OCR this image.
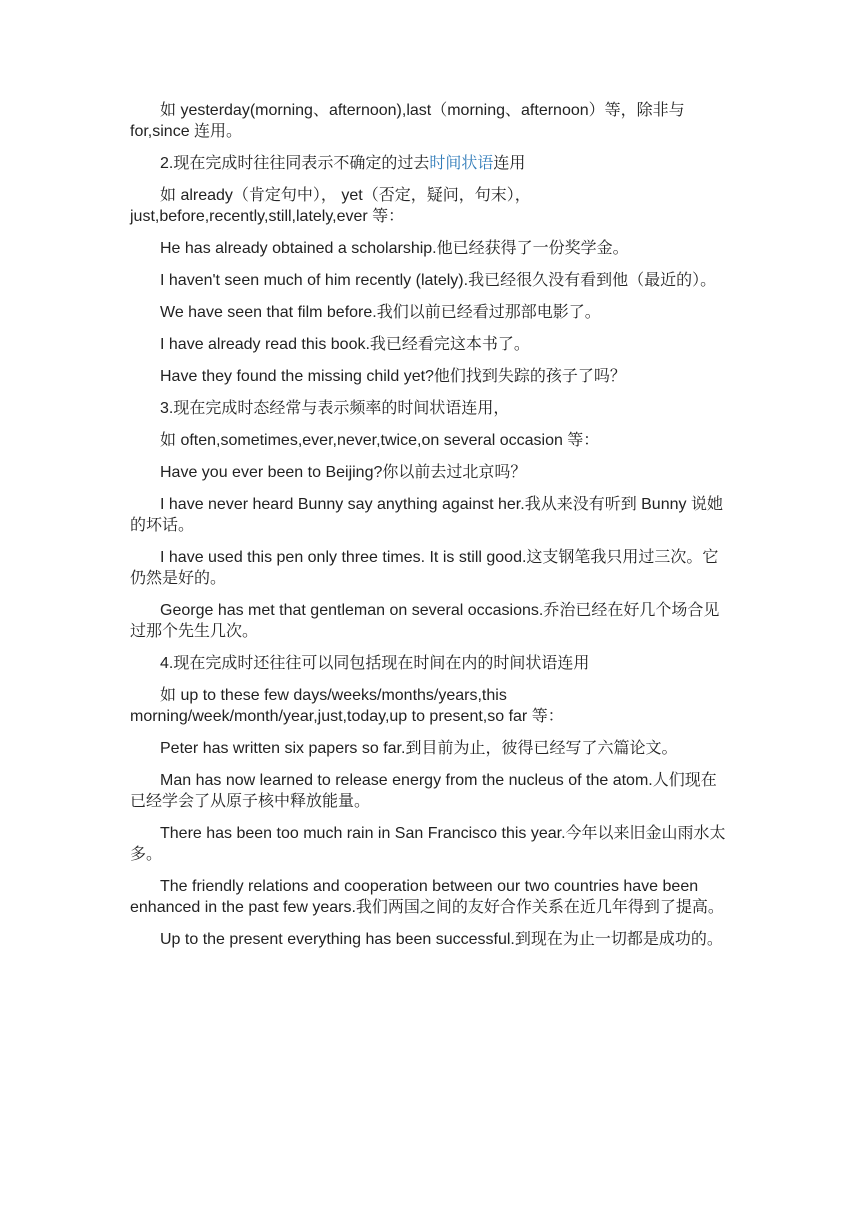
如 yesterday(morning、afternoon),last（morning、afternoon）等，除非与for,since 连用。

2.现在完成时往往同表示不确定的过去时间状语连用

如 already（肯定句中）， yet（否定，疑问，句末）， just,before,recently,still,lately,ever 等：

He has already obtained a scholarship.他已经获得了一份奖学金。

I haven't seen much of him recently (lately).我已经很久没有看到他（最近的）。

We have seen that film before.我们以前已经看过那部电影了。

I have already read this book.我已经看完这本书了。

Have they found the missing child yet?他们找到失踪的孩子了吗？

3.现在完成时态经常与表示频率的时间状语连用，

如 often,sometimes,ever,never,twice,on several occasion 等：

Have you ever been to Beijing?你以前去过北京吗？

I have never heard Bunny say anything against her.我从来没有听到 Bunny 说她的坏话。

I have used this pen only three times. It is still good.这支钢笔我只用过三次。它仍然是好的。

George has met that gentleman on several occasions.乔治已经在好几个场合见过那个先生几次。

4.现在完成时还往往可以同包括现在时间在内的时间状语连用

如 up to these few days/weeks/months/years,this morning/week/month/year,just,today,up to present,so far 等：

Peter has written six papers so far.到目前为止，彼得已经写了六篇论文。

Man has now learned to release energy from the nucleus of the atom.人们现在已经学会了从原子核中释放能量。

There has been too much rain in San Francisco this year.今年以来旧金山雨水太多。

The friendly relations and cooperation between our two countries have been enhanced in the past few years.我们两国之间的友好合作关系在近几年得到了提高。

Up to the present everything has been successful.到现在为止一切都是成功的。
